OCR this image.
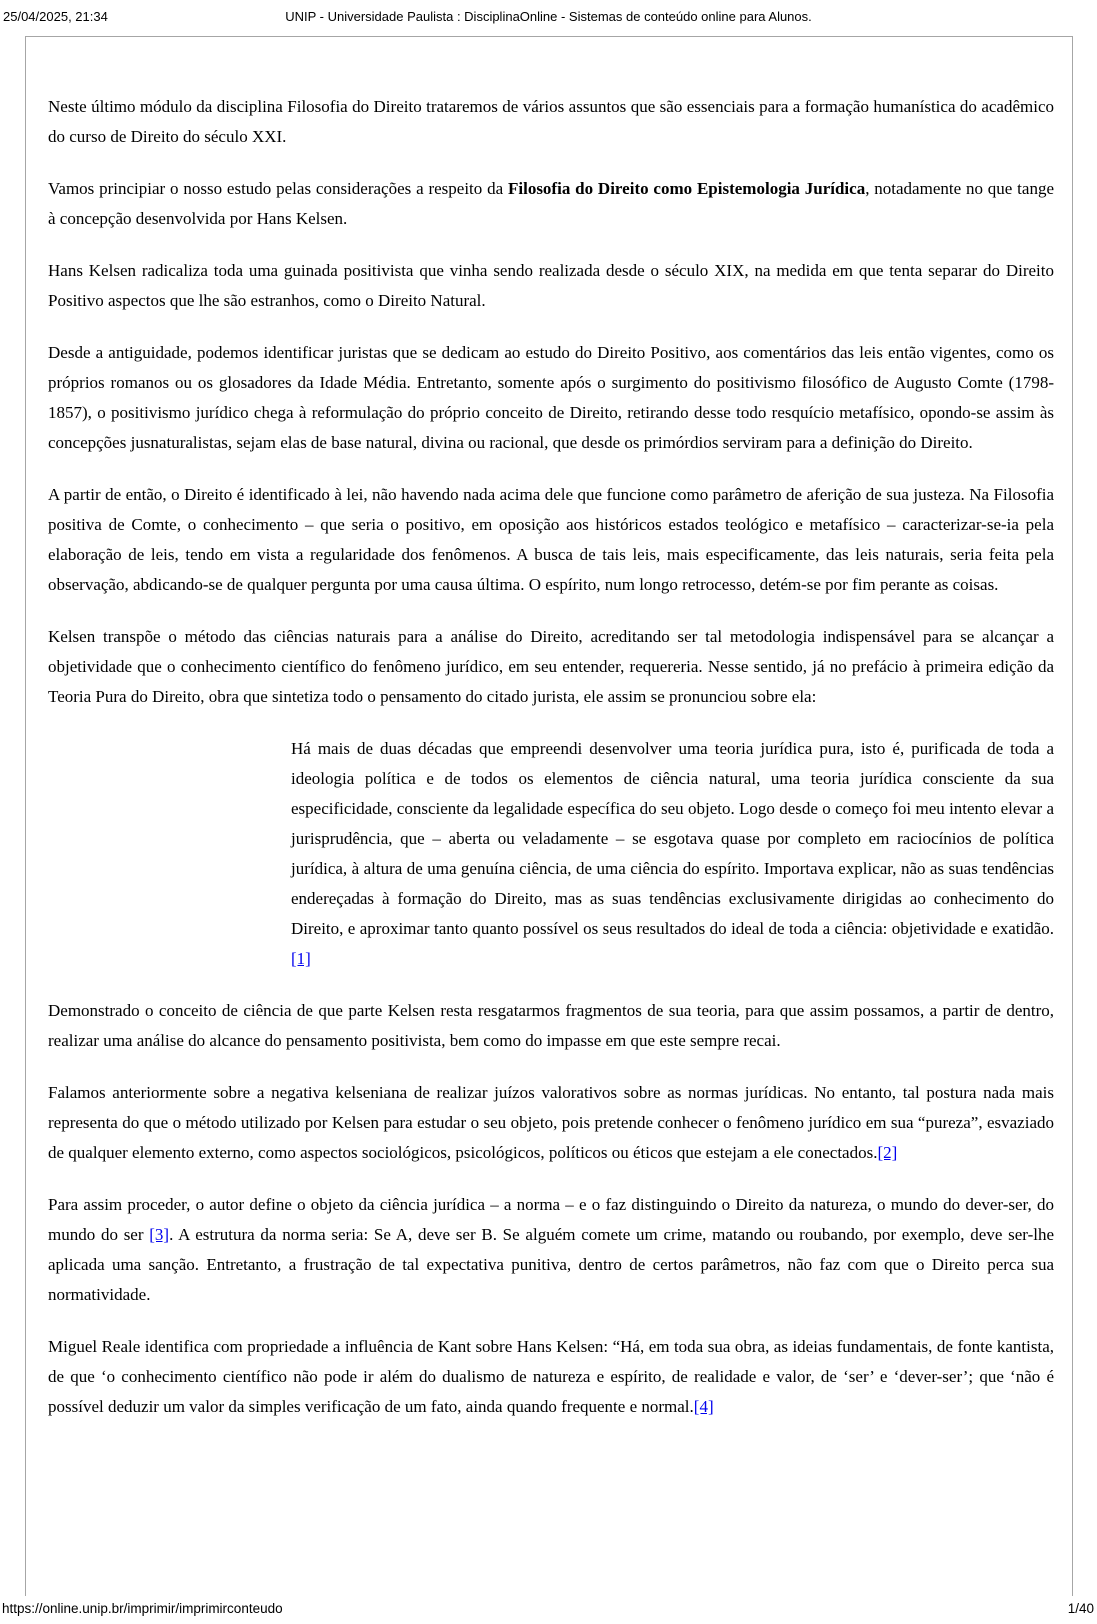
25/04/2025, 21:34	UNIP - Universidade Paulista : DisciplinaOnline - Sistemas de conteúdo online para Alunos.

Neste último módulo da disciplina Filosofia do Direito trataremos de vários assuntos que são essenciais para a formação humanística do acadêmico do curso de Direito do século XXI.

Vamos principiar o nosso estudo pelas considerações a respeito da Filosofia do Direito como Epistemologia Jurídica, notadamente no que tange à concepção desenvolvida por Hans Kelsen.

Hans Kelsen radicaliza toda uma guinada positivista que vinha sendo realizada desde o século XIX, na medida em que tenta separar do Direito Positivo aspectos que lhe são estranhos, como o Direito Natural.

Desde a antiguidade, podemos identificar juristas que se dedicam ao estudo do Direito Positivo, aos comentários das leis então vigentes, como os próprios romanos ou os glosadores da Idade Média. Entretanto, somente após o surgimento do positivismo filosófico de Augusto Comte (1798-1857), o positivismo jurídico chega à reformulação do próprio conceito de Direito, retirando desse todo resquício metafísico, opondo-se assim às concepções jusnaturalistas, sejam elas de base natural, divina ou racional, que desde os primórdios serviram para a definição do Direito.

A partir de então, o Direito é identificado à lei, não havendo nada acima dele que funcione como parâmetro de aferição de sua justeza. Na Filosofia positiva de Comte, o conhecimento – que seria o positivo, em oposição aos históricos estados teológico e metafísico – caracterizar-se-ia pela elaboração de leis, tendo em vista a regularidade dos fenômenos. A busca de tais leis, mais especificamente, das leis naturais, seria feita pela observação, abdicando-se de qualquer pergunta por uma causa última. O espírito, num longo retrocesso, detém-se por fim perante as coisas.

Kelsen transpõe o método das ciências naturais para a análise do Direito, acreditando ser tal metodologia indispensável para se alcançar a objetividade que o conhecimento científico do fenômeno jurídico, em seu entender, requereria. Nesse sentido, já no prefácio à primeira edição da Teoria Pura do Direito, obra que sintetiza todo o pensamento do citado jurista, ele assim se pronunciou sobre ela:

Há mais de duas décadas que empreendi desenvolver uma teoria jurídica pura, isto é, purificada de toda a ideologia política e de todos os elementos de ciência natural, uma teoria jurídica consciente da sua especificidade, consciente da legalidade específica do seu objeto. Logo desde o começo foi meu intento elevar a jurisprudência, que – aberta ou veladamente – se esgotava quase por completo em raciocínios de política jurídica, à altura de uma genuína ciência, de uma ciência do espírito. Importava explicar, não as suas tendências endereçadas à formação do Direito, mas as suas tendências exclusivamente dirigidas ao conhecimento do Direito, e aproximar tanto quanto possível os seus resultados do ideal de toda a ciência: objetividade e exatidão.[1]

Demonstrado o conceito de ciência de que parte Kelsen resta resgatarmos fragmentos de sua teoria, para que assim possamos, a partir de dentro, realizar uma análise do alcance do pensamento positivista, bem como do impasse em que este sempre recai.

Falamos anteriormente sobre a negativa kelseniana de realizar juízos valorativos sobre as normas jurídicas. No entanto, tal postura nada mais representa do que o método utilizado por Kelsen para estudar o seu objeto, pois pretende conhecer o fenômeno jurídico em sua “pureza”, esvaziado de qualquer elemento externo, como aspectos sociológicos, psicológicos, políticos ou éticos que estejam a ele conectados.[2]

Para assim proceder, o autor define o objeto da ciência jurídica – a norma – e o faz distinguindo o Direito da natureza, o mundo do dever-ser, do mundo do ser [3]. A estrutura da norma seria: Se A, deve ser B. Se alguém comete um crime, matando ou roubando, por exemplo, deve ser-lhe aplicada uma sanção. Entretanto, a frustração de tal expectativa punitiva, dentro de certos parâmetros, não faz com que o Direito perca sua normatividade.

Miguel Reale identifica com propriedade a influência de Kant sobre Hans Kelsen: “Há, em toda sua obra, as ideias fundamentais, de fonte kantista, de que ‘o conhecimento científico não pode ir além do dualismo de natureza e espírito, de realidade e valor, de ‘ser’ e ‘dever-ser’; que ‘não é possível deduzir um valor da simples verificação de um fato, ainda quando frequente e normal.[4]

https://online.unip.br/imprimir/imprimirconteudo	1/40
